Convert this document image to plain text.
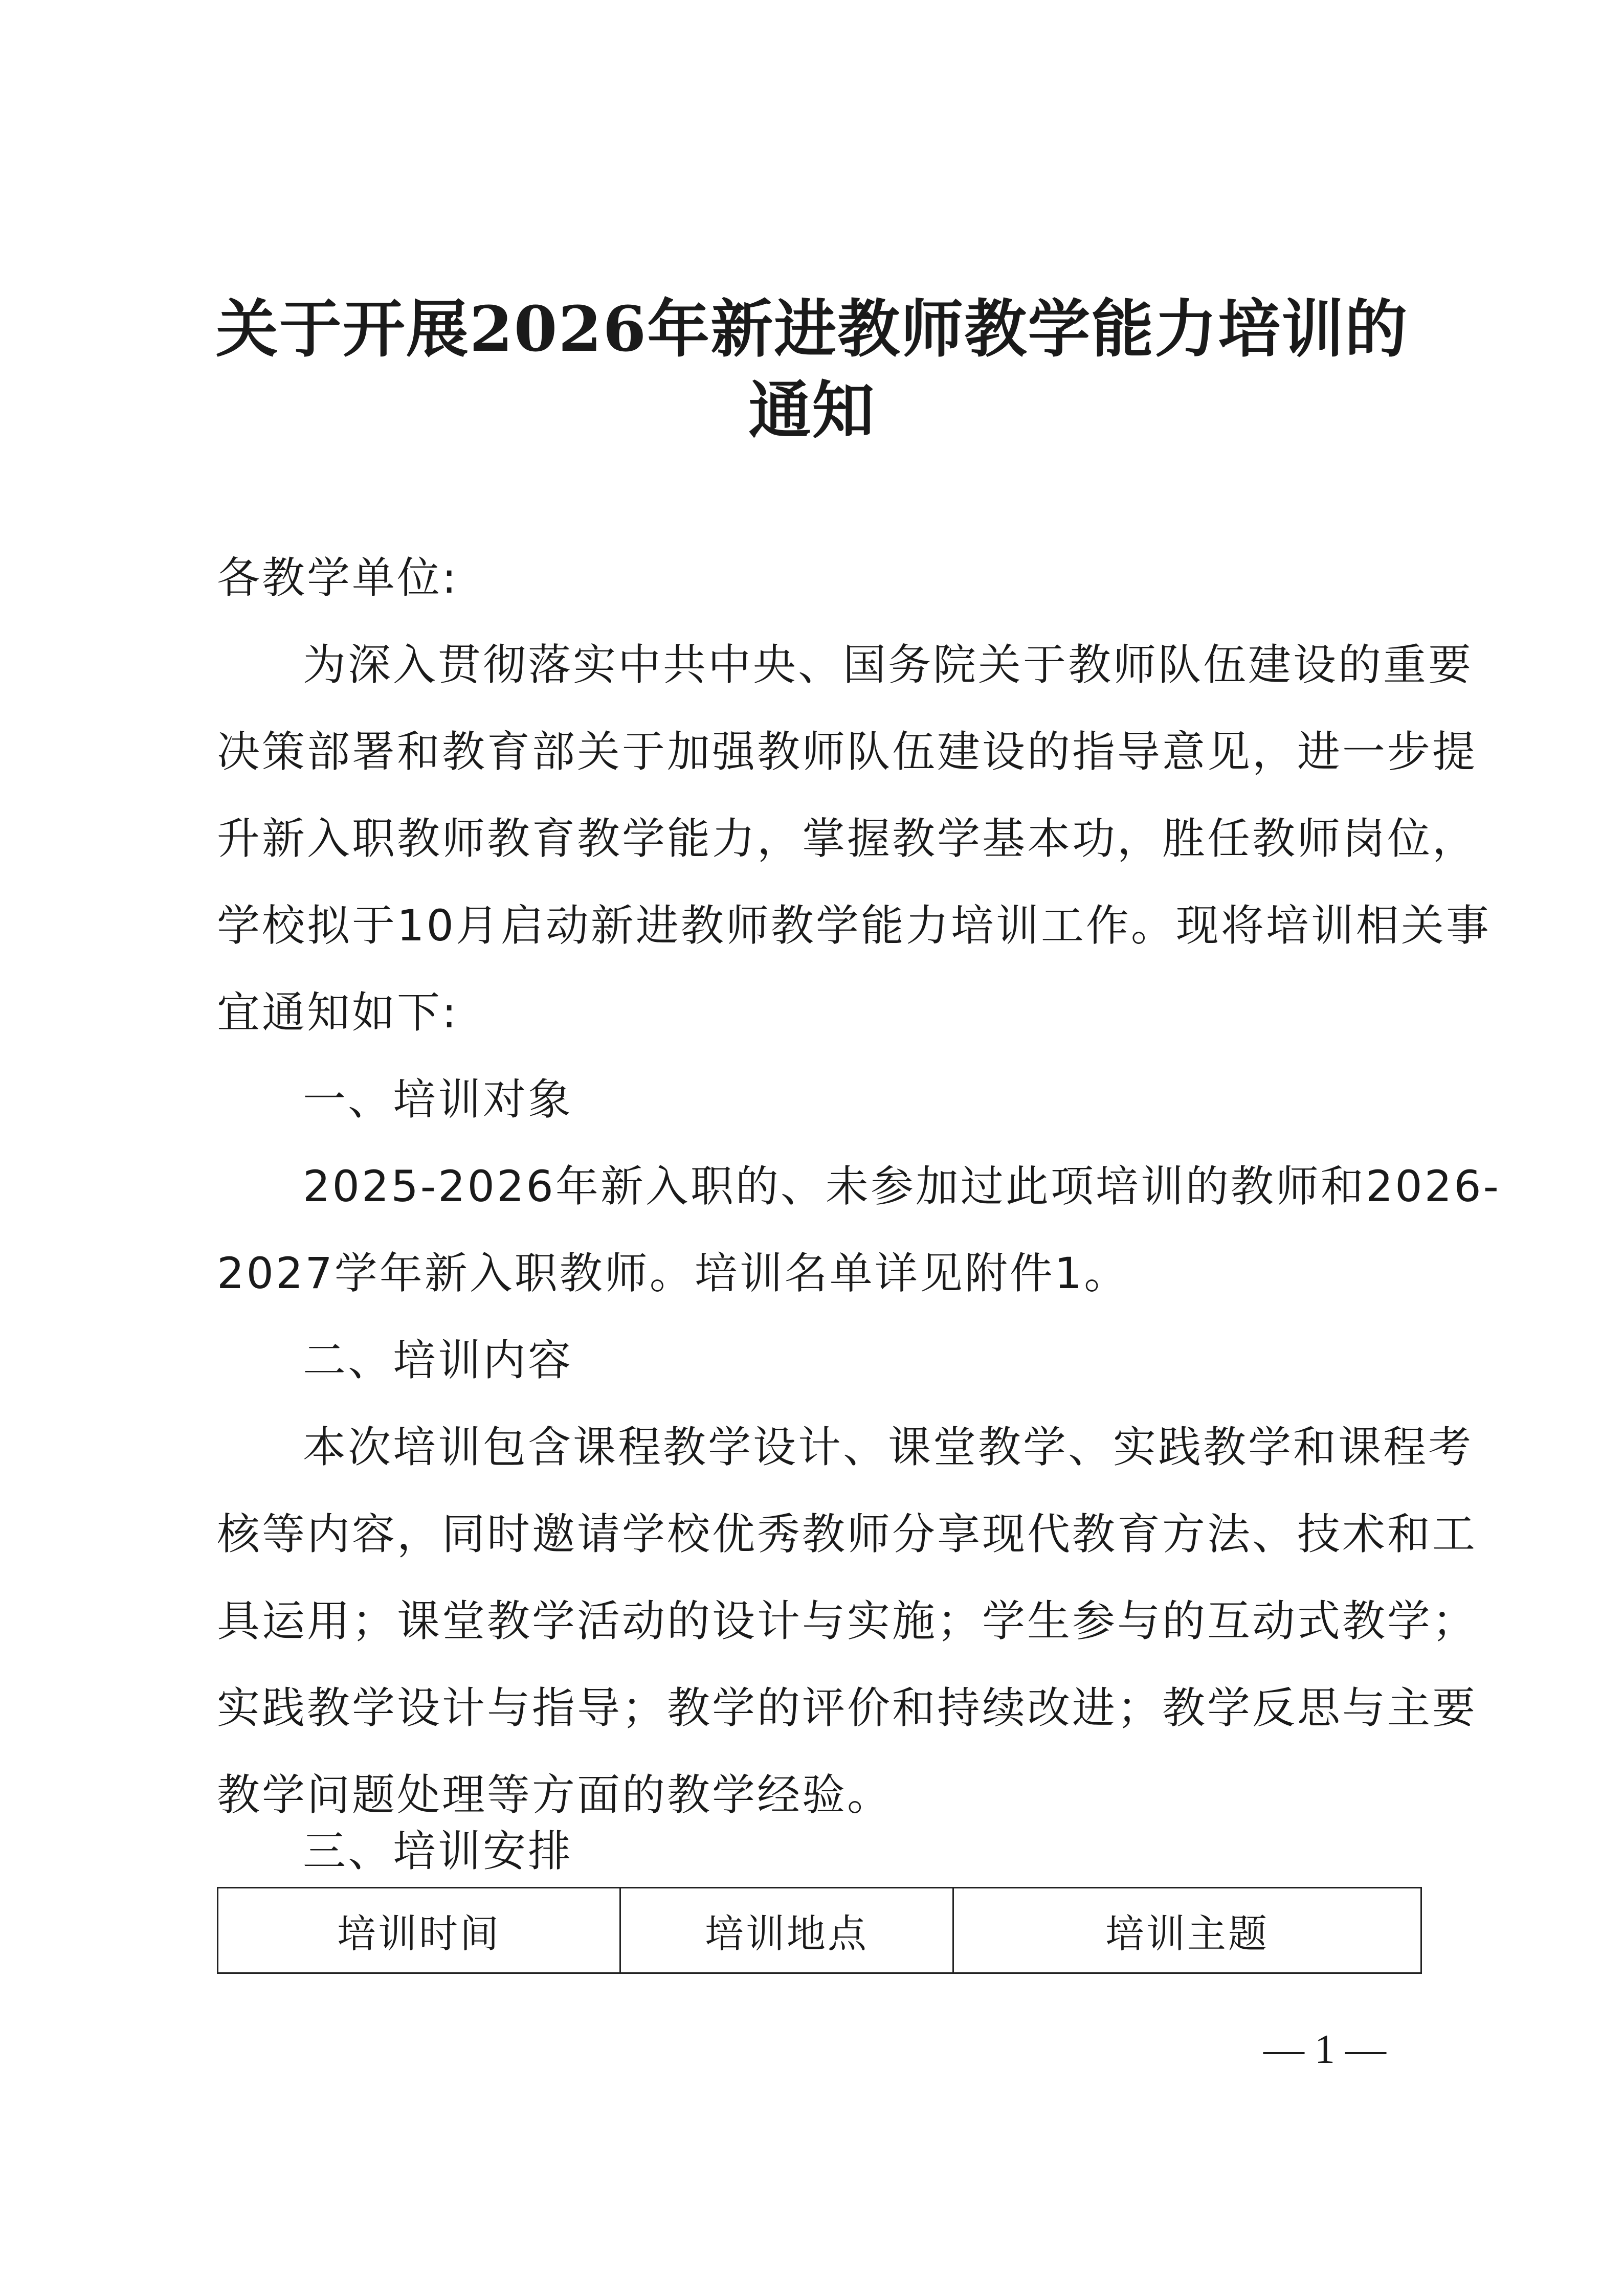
关于开展2026年新进教师教学能力培训的
通知
各教学单位:
为深入贯彻落实中共中央、国务院关于教师队伍建设的重要
决策部署和教育部关于加强教师队伍建设的指导意见，进一步提
升新入职教师教育教学能力，掌握教学基本功，胜任教师岗位，
学校拟于10月启动新进教师教学能力培训工作。现将培训相关事
宜通知如下:
一、培训对象
2025-2026年新入职的、未参加过此项培训的教师和2026-
2027学年新入职教师。培训名单详见附件1。
二、培训内容
本次培训包含课程教学设计、课堂教学、实践教学和课程考
核等内容，同时邀请学校优秀教师分享现代教育方法、技术和工
具运用；课堂教学活动的设计与实施；学生参与的互动式教学；
实践教学设计与指导；教学的评价和持续改进；教学反思与主要
教学问题处理等方面的教学经验。
三、培训安排
培训时间	培训地点	培训主题
— 1 —
